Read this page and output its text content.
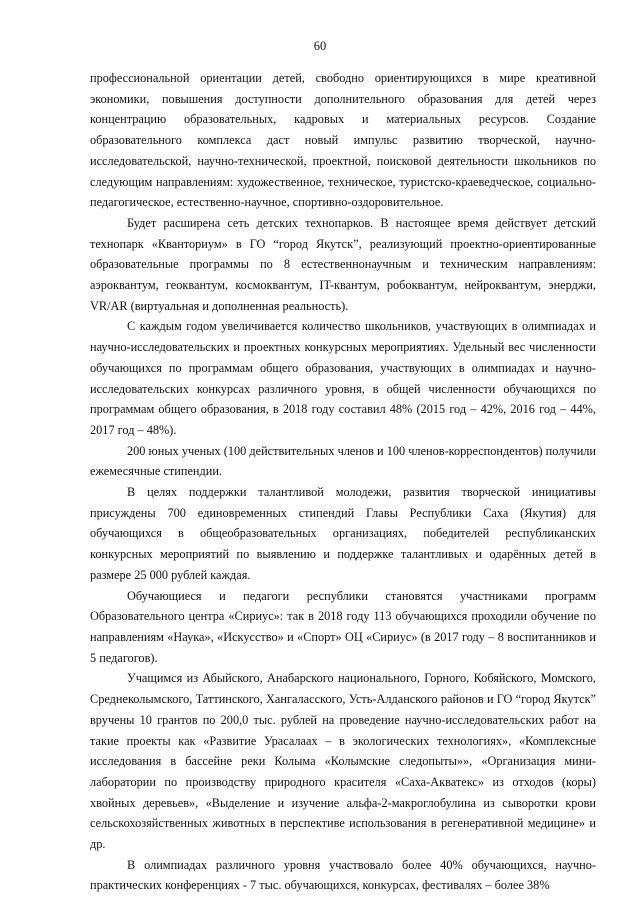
60

профессиональной ориентации детей, свободно ориентирующихся в мире креативной экономики, повышения доступности дополнительного образования для детей через концентрацию образовательных, кадровых и материальных ресурсов. Создание образовательного комплекса даст новый импульс развитию творческой, научно-исследовательской, научно-технической, проектной, поисковой деятельности школьников по следующим направлениям: художественное, техническое, туристско-краеведческое, социально-педагогическое, естественно-научное, спортивно-оздоровительное.

Будет расширена сеть детских технопарков. В настоящее время действует детский технопарк «Кванториум» в ГО “город Якутск”, реализующий проектно-ориентированные образовательные программы по 8 естественнонаучным и техническим направлениям: аэроквантум, геоквантум, космоквантум, IT-квантум, робоквантум, нейроквантум, энерджи, VR/AR (виртуальная и дополненная реальность).

С каждым годом увеличивается количество школьников, участвующих в олимпиадах и научно-исследовательских и проектных конкурсных мероприятиях. Удельный вес численности обучающихся по программам общего образования, участвующих в олимпиадах и научно-исследовательских конкурсах различного уровня, в общей численности обучающихся по программам общего образования, в 2018 году составил 48% (2015 год – 42%, 2016 год – 44%, 2017 год – 48%).

200 юных ученых (100 действительных членов и 100 членов-корреспондентов) получили ежемесячные стипендии.

В целях поддержки талантливой молодежи, развития творческой инициативы присуждены 700 единовременных стипендий Главы Республики Саха (Якутия) для обучающихся в общеобразовательных организациях, победителей республиканских конкурсных мероприятий по выявлению и поддержке талантливых и одарённых детей в размере 25 000 рублей каждая.

Обучающиеся и педагоги республики становятся участниками программ Образовательного центра «Сириус»: так в 2018 году 113 обучающихся проходили обучение по направлениям «Наука», «Искусство» и «Спорт» ОЦ «Сириус» (в 2017 году – 8 воспитанников и 5 педагогов).

Учащимся из Абыйского, Анабарского национального, Горного, Кобяйского, Момского, Среднеколымского, Таттинского, Хангаласского, Усть-Алданского районов и ГО “город Якутск” вручены 10 грантов по 200,0 тыс. рублей на проведение научно-исследовательских работ на такие проекты как «Развитие Урасалаах – в экологических технологиях», «Комплексные исследования в бассейне реки Колыма «Колымские следопыты»», «Организация мини-лаборатории по производству природного красителя «Саха-Акватекс» из отходов (коры) хвойных деревьев», «Выделение и изучение альфа-2-макроглобулина из сыворотки крови сельскохозяйственных животных в перспективе использования в регенеративной медицине» и др.

В олимпиадах различного уровня участвовало более 40% обучающихся, научно-практических конференциях - 7 тыс. обучающихся, конкурсах, фестивалях – более 38%
